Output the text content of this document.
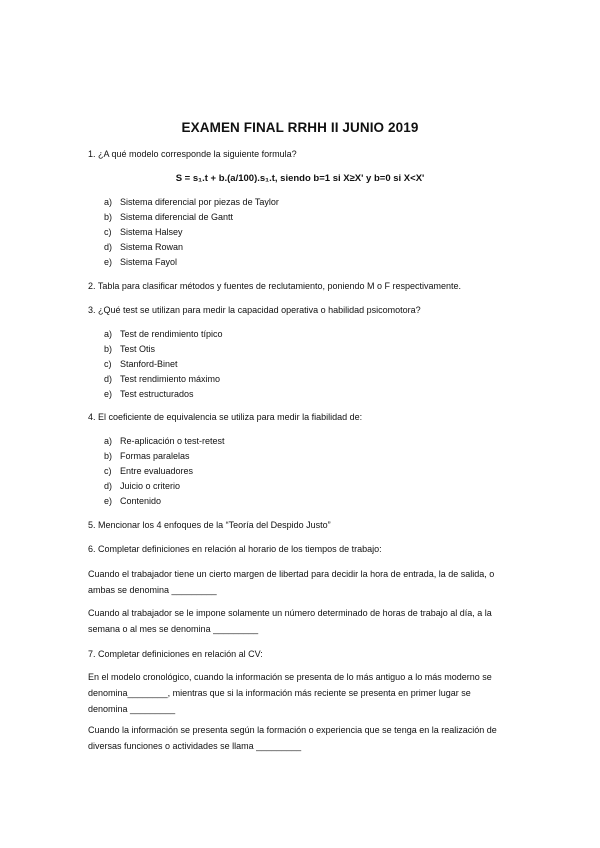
EXAMEN FINAL RRHH II JUNIO 2019
1. ¿A qué modelo corresponde la siguiente formula?
S = s₁.t + b.(a/100).s₁.t, siendo b=1 si X≥X' y b=0 si X<X'
a) Sistema diferencial por piezas de Taylor
b) Sistema diferencial de Gantt
c) Sistema Halsey
d) Sistema Rowan
e) Sistema Fayol
2. Tabla para clasificar métodos y fuentes de reclutamiento, poniendo M o F respectivamente.
3. ¿Qué test se utilizan para medir la capacidad operativa o habilidad psicomotora?
a) Test de rendimiento típico
b) Test Otis
c) Stanford-Binet
d) Test rendimiento máximo
e) Test estructurados
4. El coeficiente de equivalencia se utiliza para medir la fiabilidad de:
a) Re-aplicación o test-retest
b) Formas paralelas
c) Entre evaluadores
d) Juicio o criterio
e) Contenido
5. Mencionar los 4 enfoques de la “Teoría del Despido Justo”
6. Completar definiciones en relación al horario de los tiempos de trabajo:
Cuando el trabajador tiene un cierto margen de libertad para decidir la hora de entrada, la de salida, o ambas se denomina _________
Cuando al trabajador se le impone solamente un número determinado de horas de trabajo al día, a la semana o al mes se denomina _________
7. Completar definiciones en relación al CV:
En el modelo cronológico, cuando la información se presenta de lo más antiguo a lo más moderno se denomina________, mientras que si la información más reciente se presenta en primer lugar se denomina _________
Cuando la información se presenta según la formación o experiencia que se tenga en la realización de diversas funciones o actividades se llama _________
